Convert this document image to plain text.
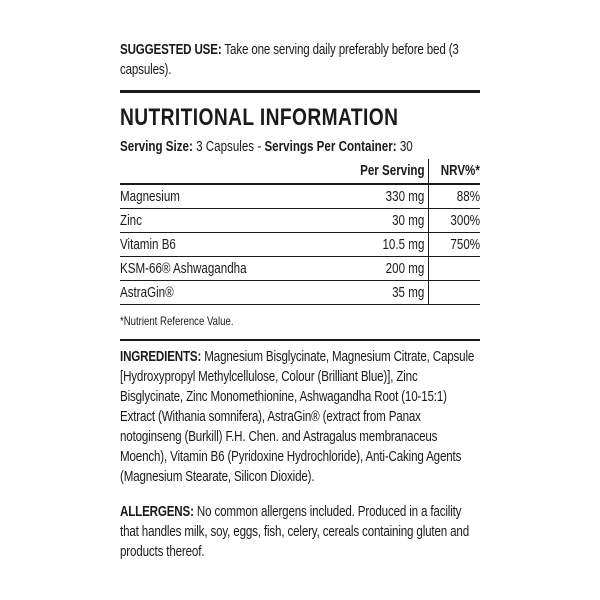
SUGGESTED USE: Take one serving daily preferably before bed (3 capsules).

NUTRITIONAL INFORMATION
Serving Size: 3 Capsules - Servings Per Container: 30
	Per Serving	NRV%*
Magnesium	330 mg	88%
Zinc	30 mg	300%
Vitamin B6	10.5 mg	750%
KSM-66® Ashwagandha	200 mg	
AstraGin®	35 mg	
*Nutrient Reference Value.

INGREDIENTS: Magnesium Bisglycinate, Magnesium Citrate, Capsule [Hydroxypropyl Methylcellulose, Colour (Brilliant Blue)], Zinc Bisglycinate, Zinc Monomethionine, Ashwagandha Root (10-15:1) Extract (Withania somnifera), AstraGin® (extract from Panax notoginseng (Burkill) F.H. Chen. and Astragalus membranaceus Moench), Vitamin B6 (Pyridoxine Hydrochloride), Anti-Caking Agents (Magnesium Stearate, Silicon Dioxide).

ALLERGENS: No common allergens included. Produced in a facility that handles milk, soy, eggs, fish, celery, cereals containing gluten and products thereof.
